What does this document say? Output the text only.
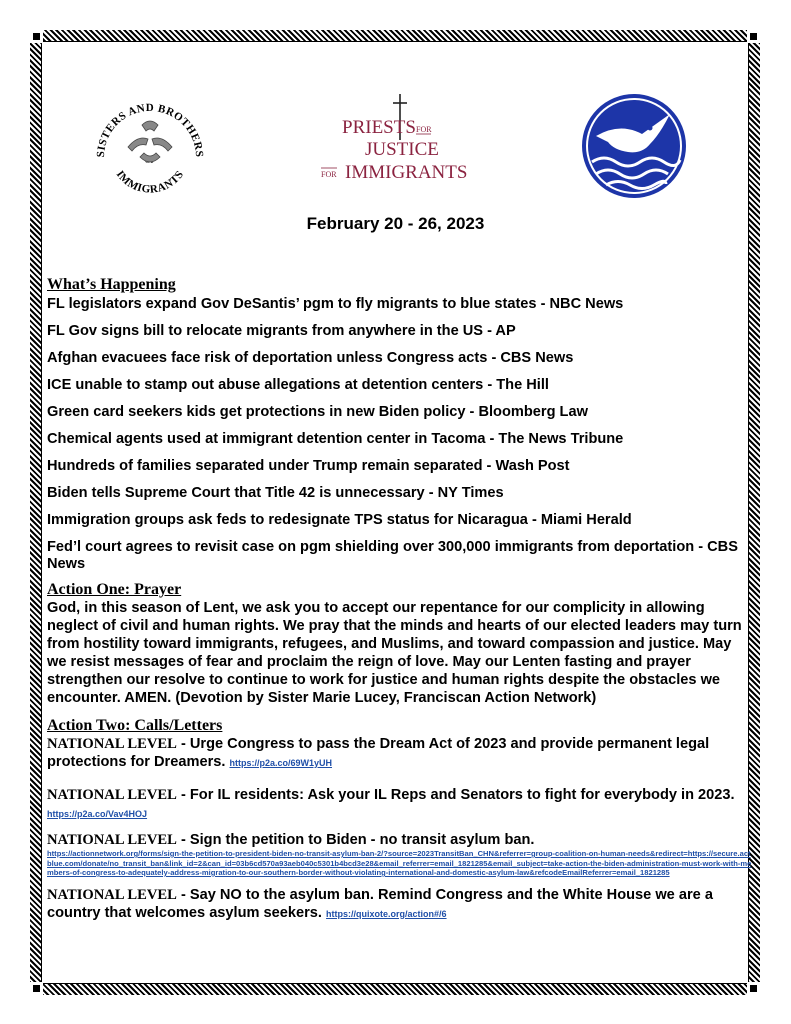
SISTERS AND BROTHERS
IMMIGRANTS
PRIESTS FOR
JUSTICE
FOR IMMIGRANTS
February 20 - 26, 2023
What’s Happening

FL legislators expand Gov DeSantis’ pgm to fly migrants to blue states - NBC News

FL Gov signs bill to relocate migrants from anywhere in the US - AP

Afghan evacuees face risk of deportation unless Congress acts - CBS News

ICE unable to stamp out abuse allegations at detention centers - The Hill

Green card seekers kids get protections in new Biden policy - Bloomberg Law

Chemical agents used at immigrant detention center in Tacoma - The News Tribune

Hundreds of families separated under Trump remain separated - Wash Post

Biden tells Supreme Court that Title 42 is unnecessary - NY Times

Immigration groups ask feds to redesignate TPS status for Nicaragua - Miami Herald

Fed’l court agrees to revisit case on pgm shielding over 300,000 immigrants from deportation - CBS News

Action One: Prayer

God, in this season of Lent, we ask you to accept our repentance for our complicity in allowing neglect of civil and human rights. We pray that the minds and hearts of our elected leaders may turn from hostility toward immigrants, refugees, and Muslims, and toward compassion and justice. May we resist messages of fear and proclaim the reign of love. May our Lenten fasting and prayer strengthen our resolve to continue to work for justice and human rights despite the obstacles we encounter. AMEN. (Devotion by Sister Marie Lucey, Franciscan Action Network)

Action Two: Calls/Letters

NATIONAL LEVEL - Urge Congress to pass the Dream Act of 2023 and provide permanent legal protections for Dreamers. https://p2a.co/69W1yUH

NATIONAL LEVEL - For IL residents: Ask your IL Reps and Senators to fight for everybody in 2023. https://p2a.co/Vav4HOJ

NATIONAL LEVEL - Sign the petition to Biden - no transit asylum ban.
https://actionnetwork.org/forms/sign-the-petition-to-president-biden-no-transit-asylum-ban-2/?source=2023TransitBan_CHN&referrer=group-coalition-on-human-needs&redirect=https://secure.actblue.com/donate/no_transit_ban&link_id=2&can_id=03b6cd570a93aeb040c5301b4bcd3e28&email_referrer=email_1821285&email_subject=take-action-the-biden-administration-must-work-with-members-of-congress-to-adequately-address-migration-to-our-southern-border-without-violating-international-and-domestic-asylum-law&refcodeEmailReferrer=email_1821285

NATIONAL LEVEL - Say NO to the asylum ban. Remind Congress and the White House we are a country that welcomes asylum seekers. https://quixote.org/action#/6
